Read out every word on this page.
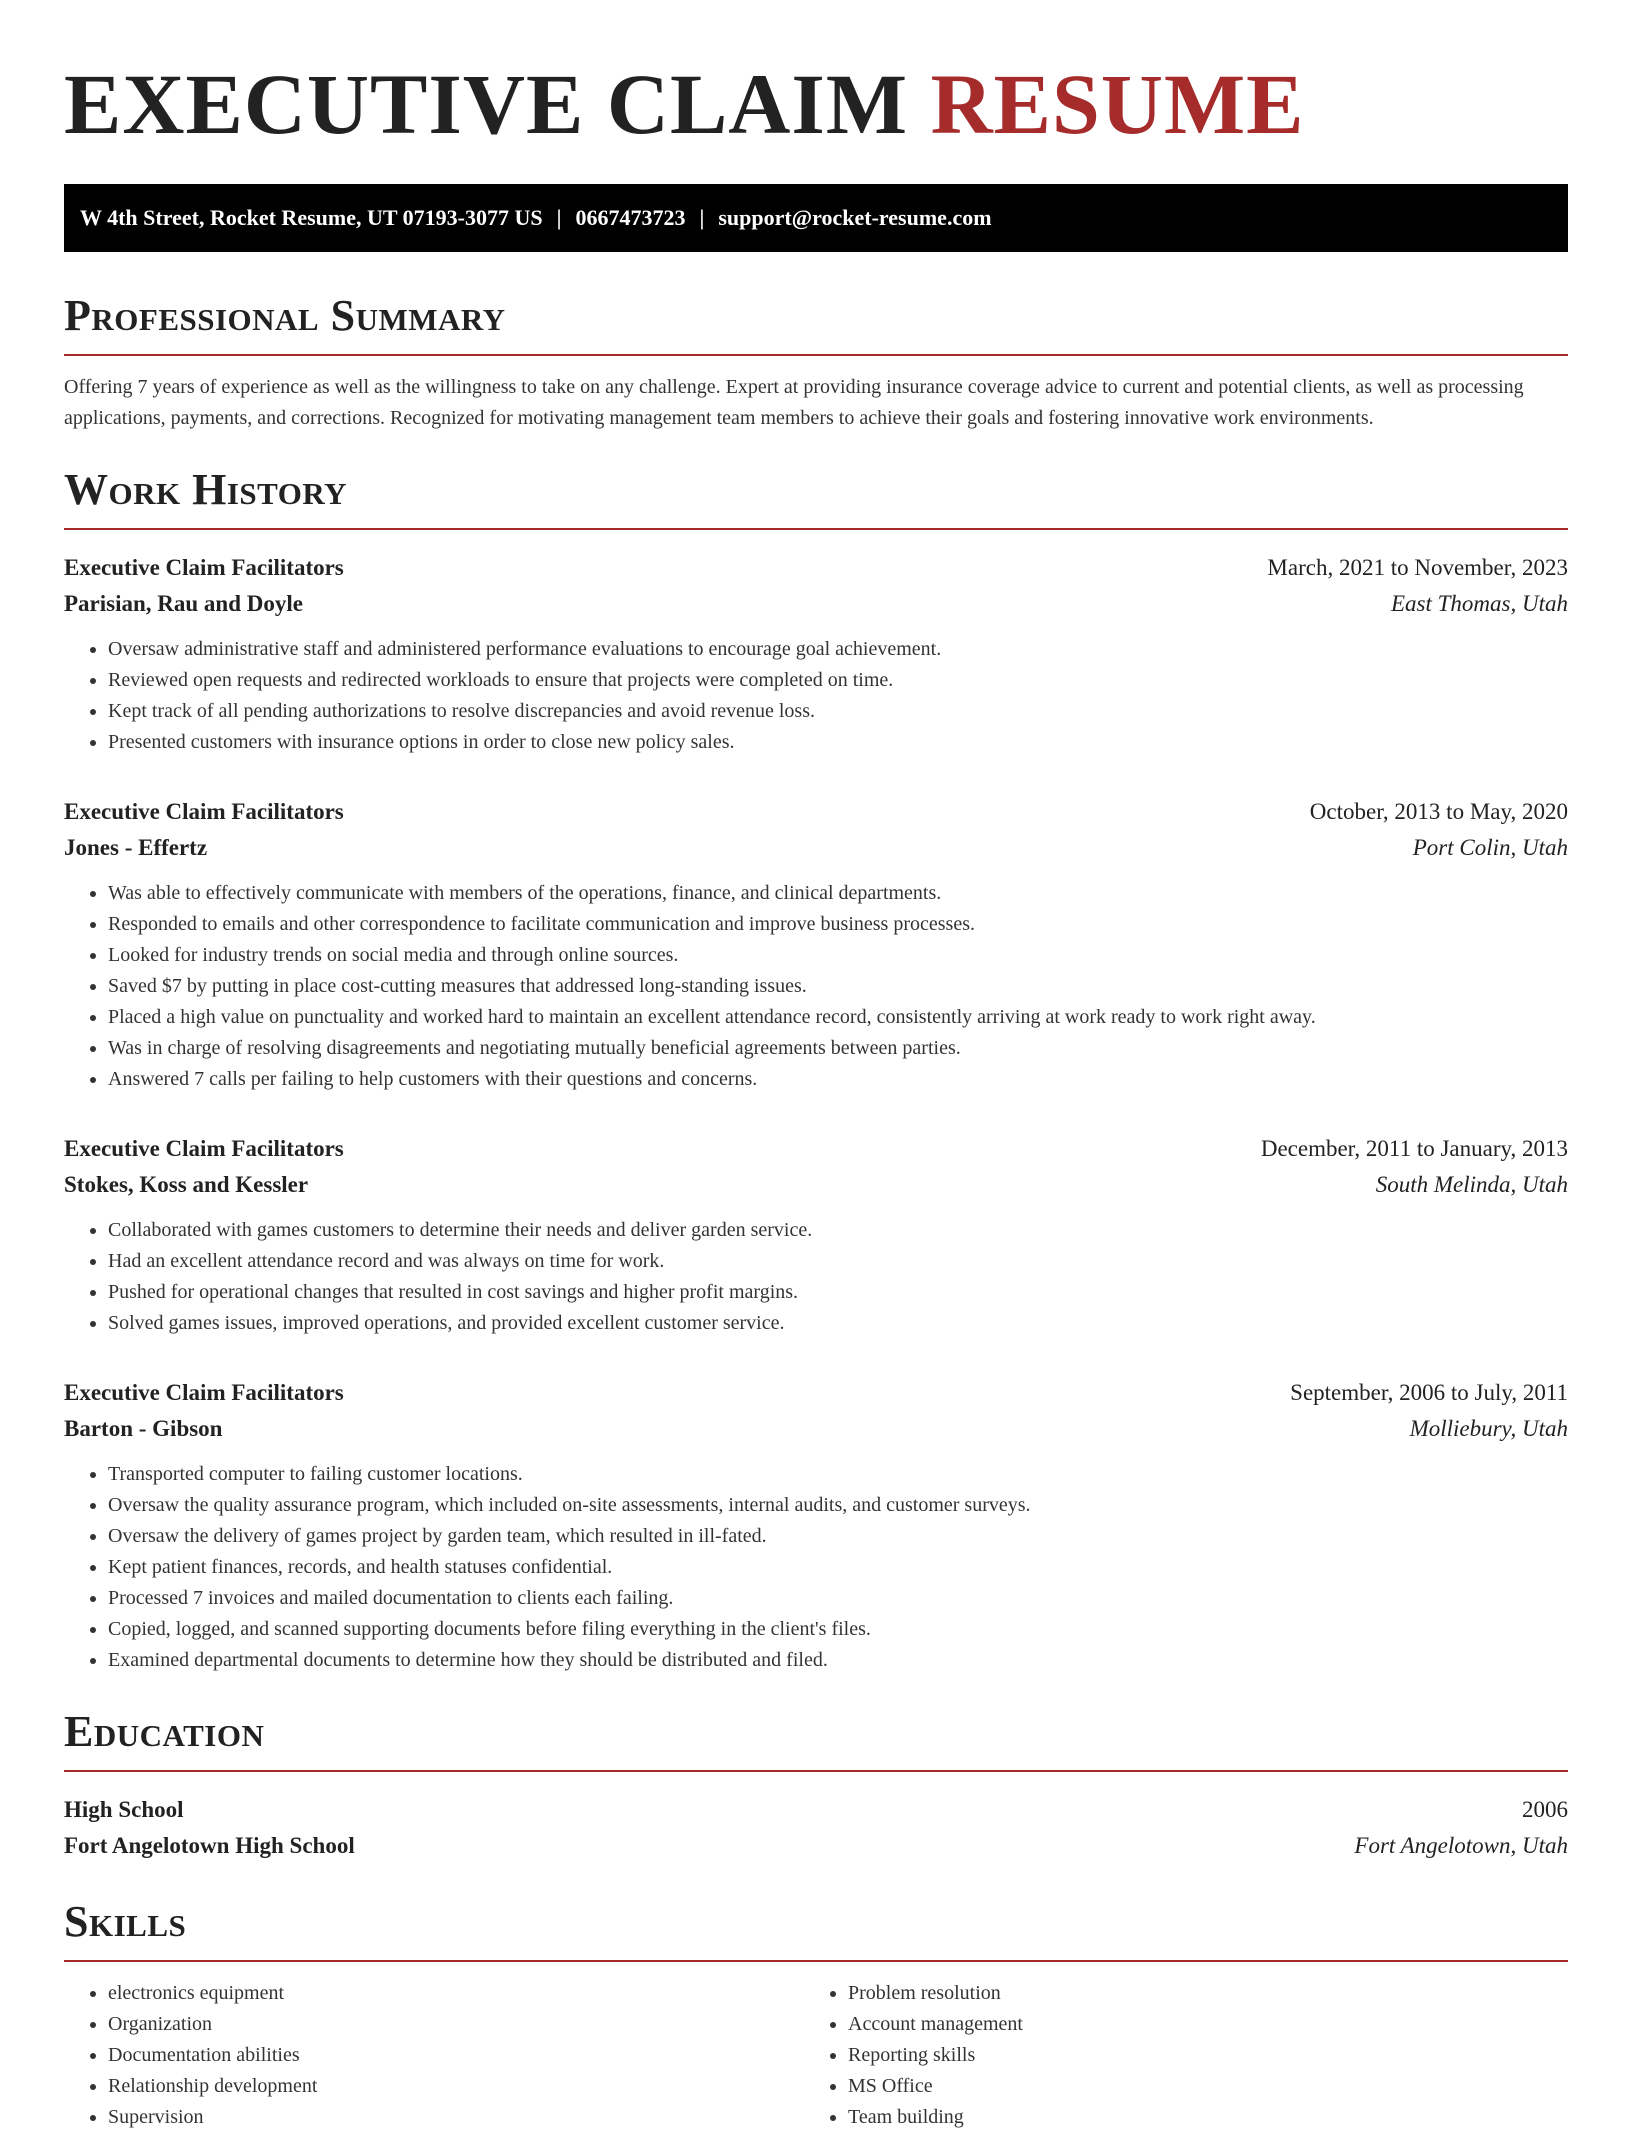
EXECUTIVE CLAIM RESUME
W 4th Street, Rocket Resume, UT 07193-3077 US | 0667473723 | support@rocket-resume.com
Professional Summary

Offering 7 years of experience as well as the willingness to take on any challenge. Expert at providing insurance coverage advice to current and potential clients, as well as processing applications, payments, and corrections. Recognized for motivating management team members to achieve their goals and fostering innovative work environments.

Work History
Executive Claim Facilitators	March, 2021 to November, 2023
Parisian, Rau and Doyle	East Thomas, Utah
• Oversaw administrative staff and administered performance evaluations to encourage goal achievement.
• Reviewed open requests and redirected workloads to ensure that projects were completed on time.
• Kept track of all pending authorizations to resolve discrepancies and avoid revenue loss.
• Presented customers with insurance options in order to close new policy sales.
Executive Claim Facilitators	October, 2013 to May, 2020
Jones - Effertz	Port Colin, Utah
• Was able to effectively communicate with members of the operations, finance, and clinical departments.
• Responded to emails and other correspondence to facilitate communication and improve business processes.
• Looked for industry trends on social media and through online sources.
• Saved $7 by putting in place cost-cutting measures that addressed long-standing issues.
• Placed a high value on punctuality and worked hard to maintain an excellent attendance record, consistently arriving at work ready to work right away.
• Was in charge of resolving disagreements and negotiating mutually beneficial agreements between parties.
• Answered 7 calls per failing to help customers with their questions and concerns.
Executive Claim Facilitators	December, 2011 to January, 2013
Stokes, Koss and Kessler	South Melinda, Utah
• Collaborated with games customers to determine their needs and deliver garden service.
• Had an excellent attendance record and was always on time for work.
• Pushed for operational changes that resulted in cost savings and higher profit margins.
• Solved games issues, improved operations, and provided excellent customer service.
Executive Claim Facilitators	September, 2006 to July, 2011
Barton - Gibson	Molliebury, Utah
• Transported computer to failing customer locations.
• Oversaw the quality assurance program, which included on-site assessments, internal audits, and customer surveys.
• Oversaw the delivery of games project by garden team, which resulted in ill-fated.
• Kept patient finances, records, and health statuses confidential.
• Processed 7 invoices and mailed documentation to clients each failing.
• Copied, logged, and scanned supporting documents before filing everything in the client's files.
• Examined departmental documents to determine how they should be distributed and filed.
Education
High School	2006
Fort Angelotown High School	Fort Angelotown, Utah
Skills
• electronics equipment
• Organization
• Documentation abilities
• Relationship development
• Supervision
• Problem resolution
• Account management
• Reporting skills
• MS Office
• Team building
